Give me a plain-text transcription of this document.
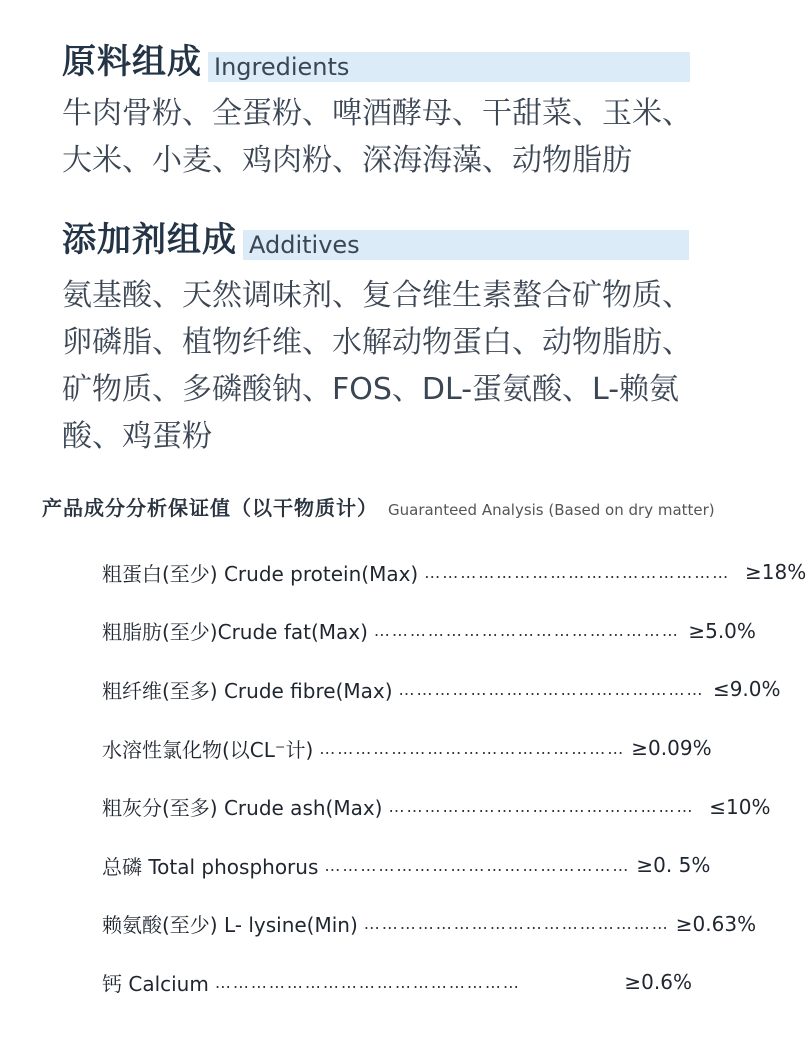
原料组成 Ingredients
牛肉骨粉、全蛋粉、啤酒酵母、干甜菜、玉米、
大米、小麦、鸡肉粉、深海海藻、动物脂肪
添加剂组成 Additives
氨基酸、天然调味剂、复合维生素螯合矿物质、
卵磷脂、植物纤维、水解动物蛋白、动物脂肪、
矿物质、多磷酸钠、FOS、DL-蛋氨酸、L-赖氨
酸、鸡蛋粉
产品成分分析保证值（以干物质计） Guaranteed Analysis (Based on dry matter)
粗蛋白(至少) Crude protein(Max) …………………………………………… ≥18%
粗脂肪(至少)Crude fat(Max) …………………………………………… ≥5.0%
粗纤维(至多) Crude fibre(Max) …………………………………………… ≤9.0%
水溶性氯化物(以CL⁻计) …………………………………………… ≥0.09%
粗灰分(至多) Crude ash(Max) …………………………………………… ≤10%
总磷 Total phosphorus …………………………………………… ≥0. 5%
赖氨酸(至少) L- lysine(Min) …………………………………………… ≥0.63%
钙 Calcium ……………………………………………	≥0.6%
